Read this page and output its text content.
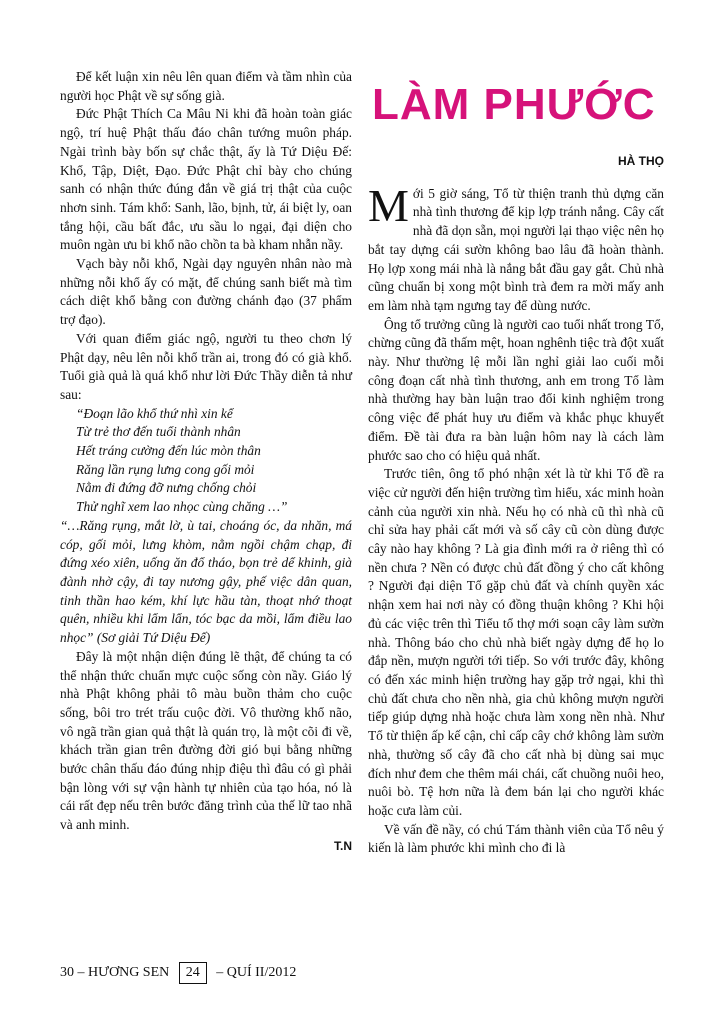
Để kết luận xin nêu lên quan điểm và tầm nhìn của người học Phật về sự sống già.

Đức Phật Thích Ca Mâu Ni khi đã hoàn toàn giác ngộ, trí huệ Phật thấu đáo chân tướng muôn pháp. Ngài trình bày bốn sự chắc thật, ấy là Tứ Diệu Đế: Khổ, Tập, Diệt, Đạo. Đức Phật chỉ bày cho chúng sanh có nhận thức đúng đắn về giá trị thật của cuộc nhơn sinh. Tám khổ: Sanh, lão, bịnh, tử, ái biệt ly, oan tắng hội, cầu bất đắc, ưu sầu lo ngại, đại diện cho muôn ngàn ưu bi khổ não chồn ta bà kham nhẫn nầy.

Vạch bày nỗi khổ, Ngài dạy nguyên nhân nào mà những nỗi khổ ấy có mặt, để chúng sanh biết mà tìm cách diệt khổ bằng con đường chánh đạo (37 phẩm trợ đạo).

Với quan điểm giác ngộ, người tu theo chơn lý Phật dạy, nêu lên nỗi khổ trần ai, trong đó có già khổ. Tuổi già quả là quá khổ như lời Đức Thầy diễn tả như sau:

“Đoạn lão khổ thứ nhì xin kể

Từ trẻ thơ đến tuổi thành nhân

Hết tráng cường đến lúc mòn thân

Răng lần rụng lưng cong gối mỏi

Nằm đi đứng đỡ nưng chống chỏi

Thử nghĩ xem lao nhọc cùng chăng …”

“…Răng rụng, mắt lờ, ù tai, choáng óc, da nhăn, má cóp, gối mỏi, lưng khòm, nằm ngồi chậm chạp, đi đứng xéo xiên, uống ăn đổ tháo, bọn trẻ dể khinh, già đành nhờ cậy, đi tay nương gậy, phế việc dân quan, tinh thần hao kém, khí lực hầu tàn, thoạt nhớ thoạt quên, nhiều khi lẩm lẩn, tóc bạc da mồi, lẩm điều lao nhọc” (Sơ giải Tứ Diệu Đế)

Đây là một nhận diện đúng lẽ thật, để chúng ta có thể nhận thức chuẩn mực cuộc sống còn nầy. Giáo lý nhà Phật không phải tô màu buồn thảm cho cuộc sống, bôi tro trét trấu cuộc đời. Vô thường khổ não, vô ngã trần gian quả thật là quán trọ, là một cõi đi về, khách trần gian trên đường đời gió bụi bằng những bước chân thấu đáo đúng nhịp điệu thì đâu có gì phải bận lòng với sự vận hành tự nhiên của tạo hóa, nó là cái rất đẹp nếu trên bước đăng trình của thế lữ tao nhã và anh minh.

T.N
LÀM PHƯỚC
HÀ THỌ

Mới 5 giờ sáng, Tổ từ thiện tranh thủ dựng căn nhà tình thương để kịp lợp tránh nắng. Cây cất nhà đã dọn sẵn, mọi người lại thạo việc nên họ bắt tay dựng cái sườn không bao lâu đã hoàn thành. Họ lợp xong mái nhà là nắng bắt đầu gay gắt. Chủ nhà cũng chuẩn bị xong một bình trà đem ra mời mấy anh em làm nhà tạm ngưng tay để dùng nước.

Ông tổ trưởng cũng là người cao tuổi nhất trong Tổ, chừng cũng đã thấm mệt, hoan nghênh tiệc trà đột xuất này. Như thường lệ mỗi lần nghỉ giải lao cuối mỗi công đoạn cất nhà tình thương, anh em trong Tổ làm nhà thường hay bàn luận trao đổi kinh nghiệm trong công việc để phát huy ưu điểm và khắc phục khuyết điểm. Đề tài đưa ra bàn luận hôm nay là cách làm phước sao cho có hiệu quả nhất.

Trước tiên, ông tổ phó nhận xét là từ khi Tổ đề ra việc cử người đến hiện trường tìm hiểu, xác minh hoàn cảnh của người xin nhà. Nếu họ có nhà cũ thì nhà cũ chỉ sửa hay phải cất mới và số cây cũ còn dùng được cây nào hay không ? Là gia đình mới ra ở riêng thì có nền chưa ? Nền có được chủ đất đồng ý cho cất không ? Người đại diện Tổ gặp chủ đất và chính quyền xác nhận xem hai nơi này có đồng thuận không ? Khi hội đủ các việc trên thì Tiểu tổ thợ mới soạn cây làm sườn nhà. Thông báo cho chủ nhà biết ngày dựng để họ lo đắp nền, mượn người tới tiếp. So với trước đây, không có đến xác minh hiện trường hay gặp trở ngại, khi thì chủ đất chưa cho nền nhà, gia chủ không mượn người tiếp giúp dựng nhà hoặc chưa làm xong nền nhà. Như Tổ từ thiện ấp kế cận, chỉ cấp cây chớ không làm sườn nhà, thường số cây đã cho cất nhà bị dùng sai mục đích như đem che thêm mái chái, cất chuồng nuôi heo, nuôi bò. Tệ hơn nữa là đem bán lại cho người khác hoặc cưa làm củi.

Về vấn đề nầy, có chú Tám thành viên của Tổ nêu ý kiến là làm phước khi mình cho đi là

30 – HƯƠNG SEN 24 – QUÍ II/2012
